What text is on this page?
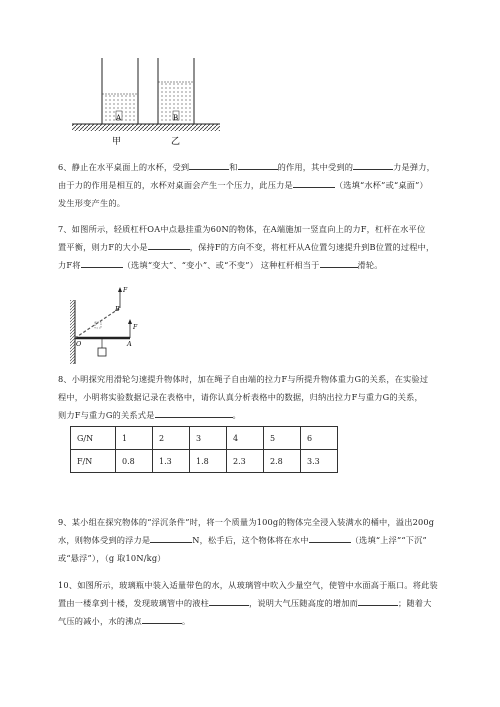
A	B
甲	乙

6、静止在水平桌面上的水杯，受到	和	的作用，其中受到的	力是弹力，

由于力的作用是相互的，水杯对桌面会产生一个压力，此压力是	（选填“水杯”或“桌面”）

发生形变产生的。

7、如图所示，轻质杠杆OA中点悬挂重为60N的物体，在A端施加一竖直向上的力F，杠杆在水平位

置平衡，则力F的大小是	，保持F的方向不变，将杠杆从A位置匀速提升到B位置的过程中，

力F将	（选填“变大”、“变小”、或“不变”） 这种杠杆相当于	滑轮。

F
B
F
O	A

8、小明探究用滑轮匀速提升物体时，加在绳子自由端的拉力F与所提升物体重力G的关系，在实验过

程中，小明将实验数据记录在表格中，请你认真分析表格中的数据，归纳出拉力F与重力G的关系，

则力F与重力G的关系式是	。

G/N	1	2	3	4	5	6
F/N	0.8	1.3	1.8	2.3	2.8	3.3

9、某小组在探究物体的“浮沉条件”时，将一个质量为100g的物体完全浸入装满水的桶中，溢出200g

水，则物体受到的浮力是	N，松手后，这个物体将在水中	（选填“上浮”“下沉”

或“悬浮”），（g 取10N/kg）

10、如图所示，玻璃瓶中装入适量带色的水，从玻璃管中吹入少量空气，使管中水面高于瓶口。将此装

置由一楼拿到十楼，发现玻璃管中的液柱	，说明大气压随高度的增加而	；随着大

气压的减小，水的沸点	。
